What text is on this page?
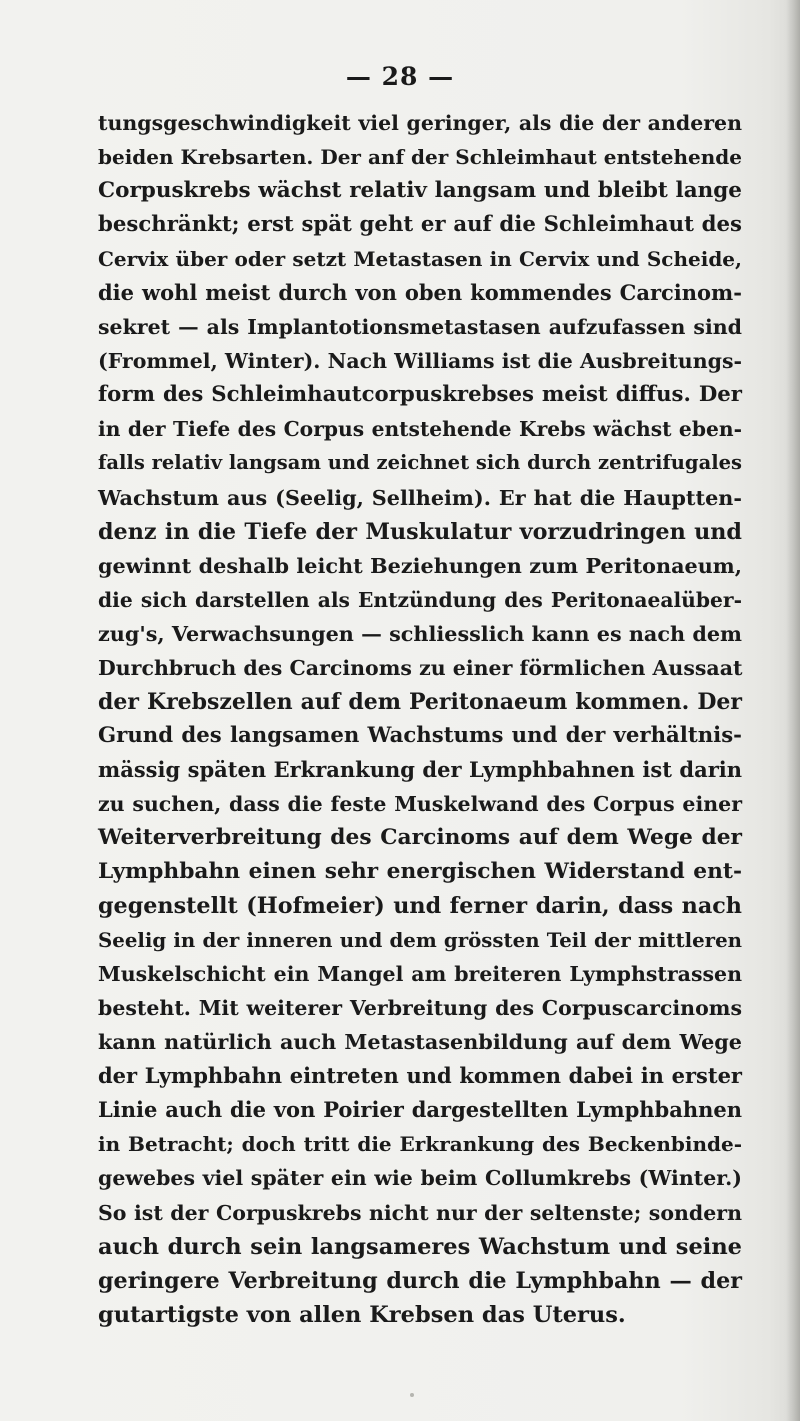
— 28 —
tungsgeschwindigkeit viel geringer, als die der anderen
beiden Krebsarten. Der anf der Schleimhaut entstehende
Corpuskrebs wächst relativ langsam und bleibt lange
beschränkt; erst spät geht er auf die Schleimhaut des
Cervix über oder setzt Metastasen in Cervix und Scheide,
die wohl meist durch von oben kommendes Carcinom-
sekret — als Implantotionsmetastasen aufzufassen sind
(Frommel, Winter). Nach Williams ist die Ausbreitungs-
form des Schleimhautcorpuskrebses meist diffus. Der
in der Tiefe des Corpus entstehende Krebs wächst eben-
falls relativ langsam und zeichnet sich durch zentrifugales
Wachstum aus (Seelig, Sellheim). Er hat die Hauptten-
denz in die Tiefe der Muskulatur vorzudringen und
gewinnt deshalb leicht Beziehungen zum Peritonaeum,
die sich darstellen als Entzündung des Peritonaealüber-
zug's, Verwachsungen — schliesslich kann es nach dem
Durchbruch des Carcinoms zu einer förmlichen Aussaat
der Krebszellen auf dem Peritonaeum kommen. Der
Grund des langsamen Wachstums und der verhältnis-
mässig späten Erkrankung der Lymphbahnen ist darin
zu suchen, dass die feste Muskelwand des Corpus einer
Weiterverbreitung des Carcinoms auf dem Wege der
Lymphbahn einen sehr energischen Widerstand ent-
gegenstellt (Hofmeier) und ferner darin, dass nach
Seelig in der inneren und dem grössten Teil der mittleren
Muskelschicht ein Mangel am breiteren Lymphstrassen
besteht. Mit weiterer Verbreitung des Corpuscarcinoms
kann natürlich auch Metastasenbildung auf dem Wege
der Lymphbahn eintreten und kommen dabei in erster
Linie auch die von Poirier dargestellten Lymphbahnen
in Betracht; doch tritt die Erkrankung des Beckenbinde-
gewebes viel später ein wie beim Collumkrebs (Winter.)
So ist der Corpuskrebs nicht nur der seltenste; sondern
auch durch sein langsameres Wachstum und seine
geringere Verbreitung durch die Lymphbahn — der
gutartigste von allen Krebsen das Uterus.
